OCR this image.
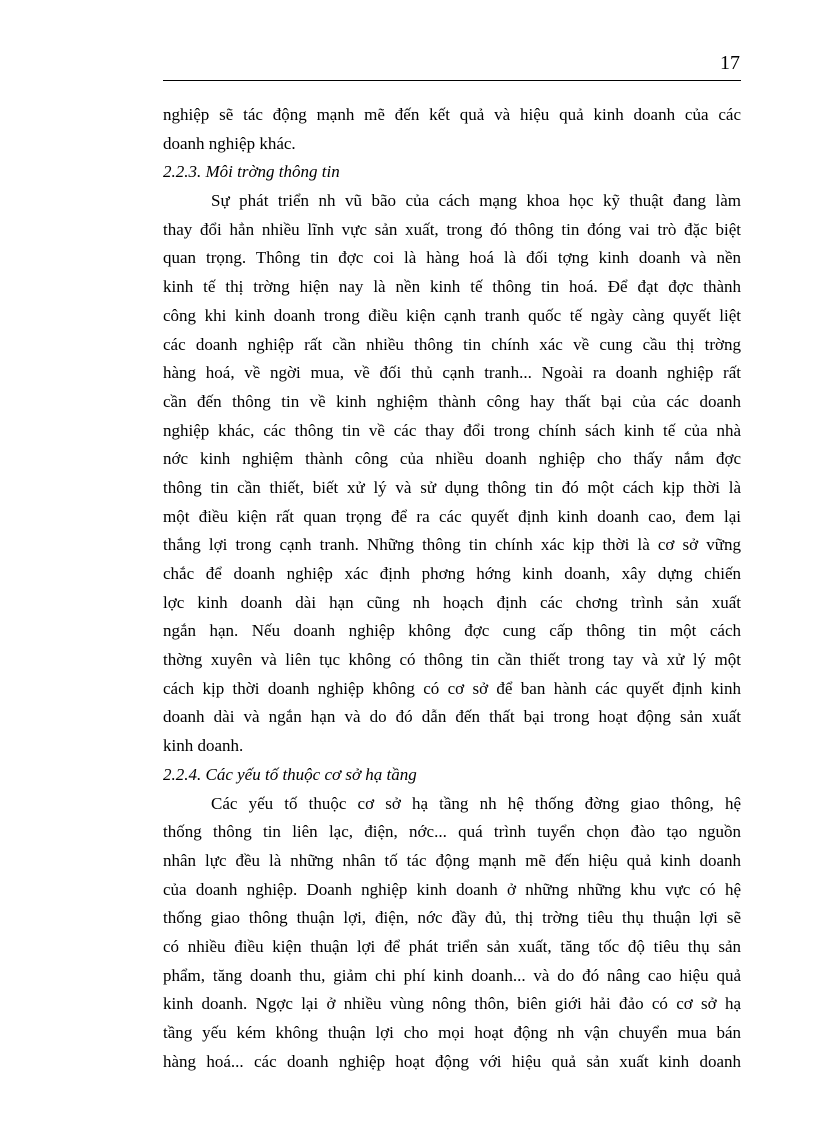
17
nghiệp sẽ tác động mạnh mẽ đến kết quả và hiệu quả kinh doanh của các
doanh nghiệp khác.
2.2.3. Môi trờng thông tin
Sự phát triển nh vũ bão của cách mạng khoa học kỹ thuật đang làm
thay đổi hẳn nhiều lĩnh vực sản xuất, trong đó thông tin đóng vai trò đặc biệt
quan trọng. Thông tin đợc coi là hàng hoá là đối tợng kinh doanh và nền
kinh tế thị trờng hiện nay là nền kinh tế thông tin hoá. Để đạt đợc thành
công khi kinh doanh trong điều kiện cạnh tranh quốc tế ngày càng quyết liệt
các doanh nghiệp rất cần nhiều thông tin chính xác về cung cầu thị trờng
hàng hoá, về ngời mua, về đối thủ cạnh tranh... Ngoài ra doanh nghiệp rất
cần đến thông tin về kinh nghiệm thành công hay thất bại của các doanh
nghiệp khác, các thông tin về các thay đổi trong chính sách kinh tế của nhà
nớc kinh nghiệm thành công của nhiều doanh nghiệp cho thấy nắm đợc
thông tin cần thiết, biết xử lý và sử dụng thông tin đó một cách kịp thời là
một điều kiện rất quan trọng để ra các quyết định kinh doanh cao, đem lại
thắng lợi trong cạnh tranh. Những thông tin chính xác kịp thời là cơ sở vững
chắc để doanh nghiệp xác định phơng hớng kinh doanh, xây dựng chiến
lợc kinh doanh dài hạn cũng nh hoạch định các chơng trình sản xuất
ngắn hạn. Nếu doanh nghiệp không đợc cung cấp thông tin một cách
thờng xuyên và liên tục không có thông tin cần thiết trong tay và xử lý một
cách kịp thời doanh nghiệp không có cơ sở để ban hành các quyết định kinh
doanh dài và ngắn hạn và do đó dẫn đến thất bại trong hoạt động sản xuất
kinh doanh.
2.2.4. Các yếu tố thuộc cơ sở hạ tầng
Các yếu tố thuộc cơ sở hạ tầng nh hệ thống đờng giao thông, hệ
thống thông tin liên lạc, điện, nớc... quá trình tuyển chọn đào tạo nguồn
nhân lực đều là những nhân tố tác động mạnh mẽ đến hiệu quả kinh doanh
của doanh nghiệp. Doanh nghiệp kinh doanh ở những những khu vực có hệ
thống giao thông thuận lợi, điện, nớc đầy đủ, thị trờng tiêu thụ thuận lợi sẽ
có nhiều điều kiện thuận lợi để phát triển sản xuất, tăng tốc độ tiêu thụ sản
phẩm, tăng doanh thu, giảm chi phí kinh doanh... và do đó nâng cao hiệu quả
kinh doanh. Ngợc lại ở nhiều vùng nông thôn, biên giới hải đảo có cơ sở hạ
tầng yếu kém không thuận lợi cho mọi hoạt động nh vận chuyển mua bán
hàng hoá... các doanh nghiệp hoạt động với hiệu quả sản xuất kinh doanh
